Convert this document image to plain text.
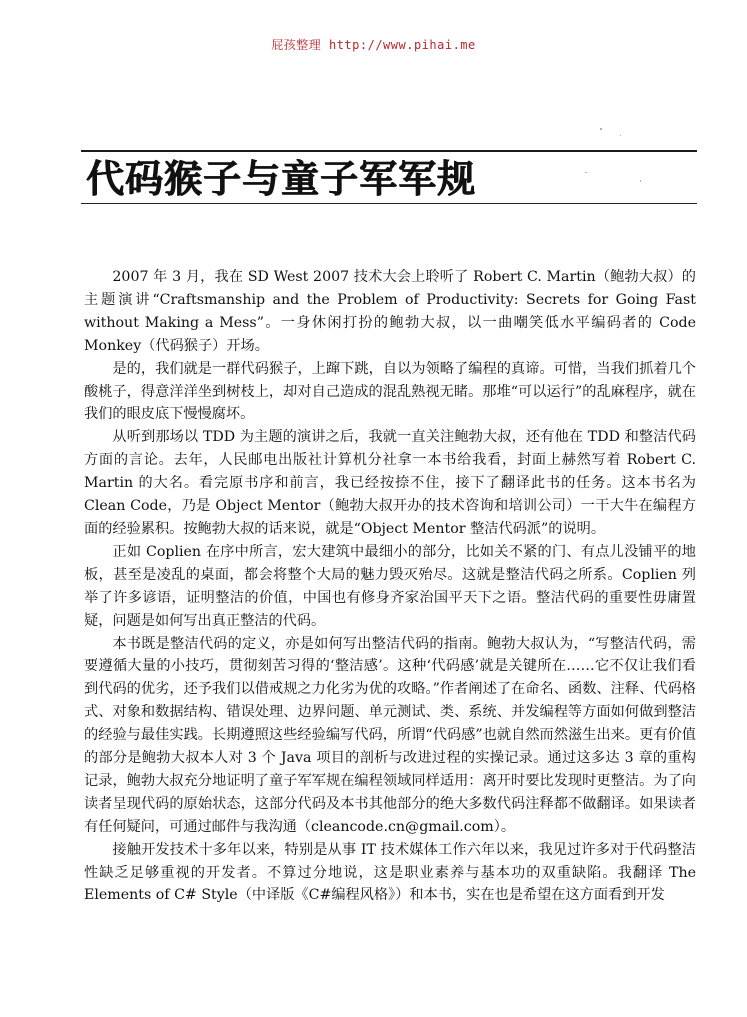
屁孩整理 http://www.pihai.me
代码猴子与童子军军规

2007 年 3 月，我在 SD West 2007 技术大会上聆听了 Robert C. Martin（鲍勃大叔）的主题演讲“Craftsmanship and the Problem of Productivity: Secrets for Going Fast without Making a Mess”。一身休闲打扮的鲍勃大叔，以一曲嘲笑低水平编码者的 Code Monkey（代码猴子）开场。

是的，我们就是一群代码猴子，上蹿下跳，自以为领略了编程的真谛。可惜，当我们抓着几个酸桃子，得意洋洋坐到树枝上，却对自己造成的混乱熟视无睹。那堆“可以运行”的乱麻程序，就在我们的眼皮底下慢慢腐坏。

从听到那场以 TDD 为主题的演讲之后，我就一直关注鲍勃大叔，还有他在 TDD 和整洁代码方面的言论。去年，人民邮电出版社计算机分社拿一本书给我看，封面上赫然写着 Robert C. Martin 的大名。看完原书序和前言，我已经按捺不住，接下了翻译此书的任务。这本书名为 Clean Code，乃是 Object Mentor（鲍勃大叔开办的技术咨询和培训公司）一干大牛在编程方面的经验累积。按鲍勃大叔的话来说，就是“Object Mentor 整洁代码派”的说明。

正如 Coplien 在序中所言，宏大建筑中最细小的部分，比如关不紧的门、有点儿没铺平的地板，甚至是凌乱的桌面，都会将整个大局的魅力毁灭殆尽。这就是整洁代码之所系。Coplien 列举了许多谚语，证明整洁的价值，中国也有修身齐家治国平天下之语。整洁代码的重要性毋庸置疑，问题是如何写出真正整洁的代码。

本书既是整洁代码的定义，亦是如何写出整洁代码的指南。鲍勃大叔认为，“写整洁代码，需要遵循大量的小技巧，贯彻刻苦习得的‘整洁感’。这种‘代码感’就是关键所在……它不仅让我们看到代码的优劣，还予我们以借戒规之力化劣为优的攻略。”作者阐述了在命名、函数、注释、代码格式、对象和数据结构、错误处理、边界问题、单元测试、类、系统、并发编程等方面如何做到整洁的经验与最佳实践。长期遵照这些经验编写代码，所谓“代码感”也就自然而然滋生出来。更有价值的部分是鲍勃大叔本人对 3 个 Java 项目的剖析与改进过程的实操记录。通过这多达 3 章的重构记录，鲍勃大叔充分地证明了童子军军规在编程领域同样适用：离开时要比发现时更整洁。为了向读者呈现代码的原始状态，这部分代码及本书其他部分的绝大多数代码注释都不做翻译。如果读者有任何疑问，可通过邮件与我沟通（cleancode.cn@gmail.com）。

接触开发技术十多年以来，特别是从事 IT 技术媒体工作六年以来，我见过许多对于代码整洁性缺乏足够重视的开发者。不算过分地说，这是职业素养与基本功的双重缺陷。我翻译 The Elements of C# Style（中译版《C#编程风格》）和本书，实在也是希望在这方面看到开发
